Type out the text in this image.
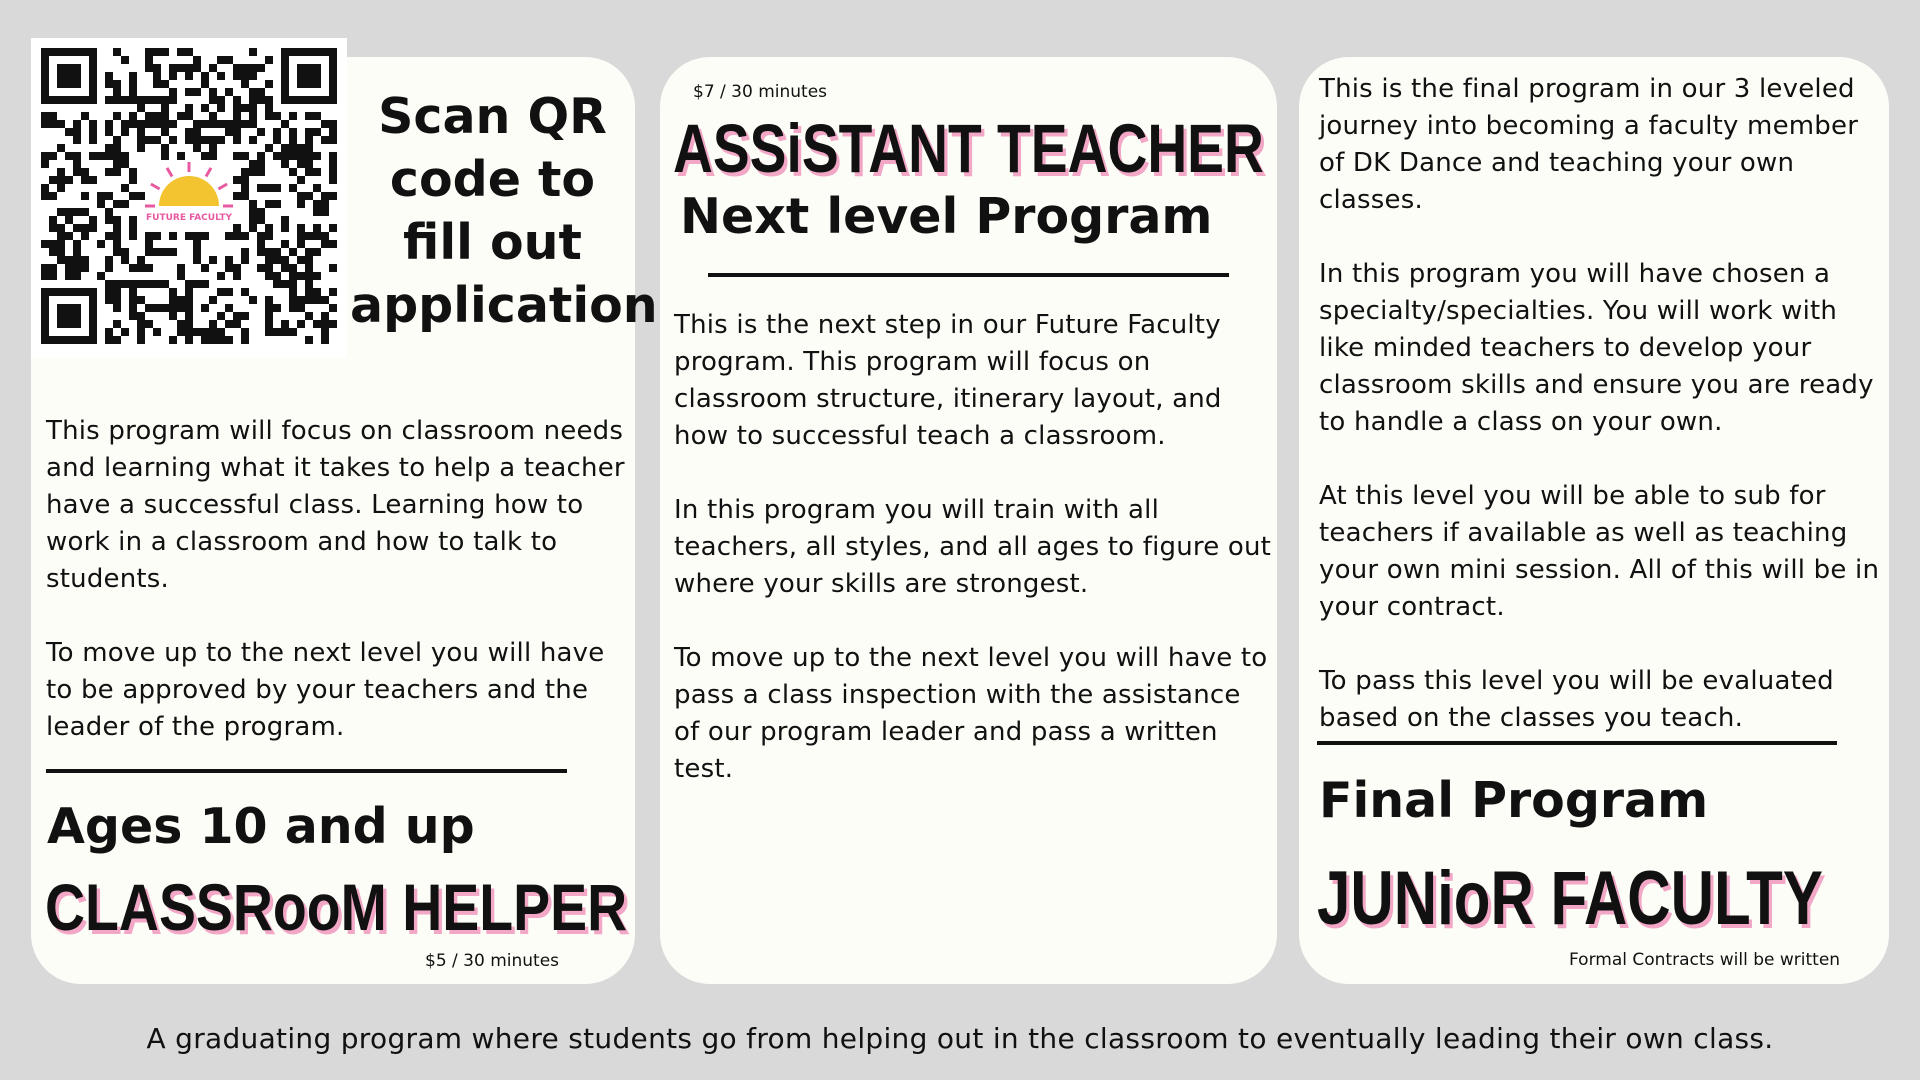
This program will focus on classroom needs and learning what it takes to help a teacher have a successful class. Learning how to work in a classroom and how to talk to students.

To move up to the next level you will have to be approved by your teachers and the leader of the program.
Ages 10 and up
CLASSRooM HELPER
$5 / 30 minutes
FUTURE FACULTY
Scan QR code to fill out application
$7 / 30 minutes
ASSiSTANT TEACHER
Next level Program
This is the next step in our Future Faculty program. This program will focus on classroom structure, itinerary layout, and how to successful teach a classroom.

In this program you will train with all teachers, all styles, and all ages to figure out where your skills are strongest.

To move up to the next level you will have to pass a class inspection with the assistance of our program leader and pass a written test.
This is the final program in our 3 leveled journey into becoming a faculty member of DK Dance and teaching your own classes.

In this program you will have chosen a specialty/specialties. You will work with like minded teachers to develop your classroom skills and ensure you are ready to handle a class on your own.

At this level you will be able to sub for teachers if available as well as teaching your own mini session. All of this will be in your contract.

To pass this level you will be evaluated based on the classes you teach.
Final Program
JUNioR FACULTY
Formal Contracts will be written
A graduating program where students go from helping out in the classroom to eventually leading their own class.
